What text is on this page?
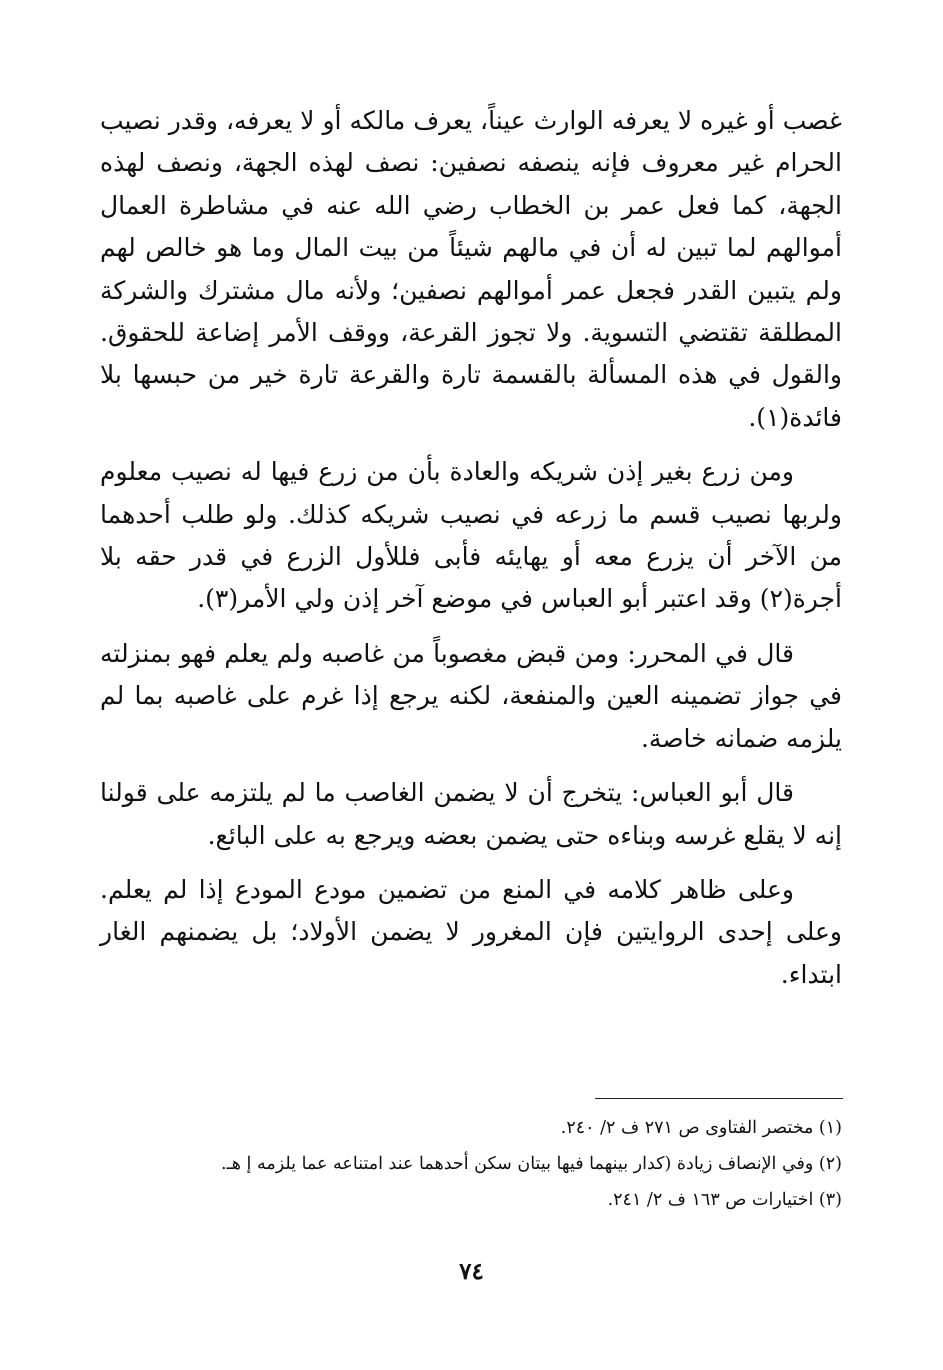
غصب أو غيره لا يعرفه الوارث عيناً، يعرف مالكه أو لا يعرفه، وقدر نصيب الحرام غير معروف فإنه ينصفه نصفين: نصف لهذه الجهة، ونصف لهذه الجهة، كما فعل عمر بن الخطاب رضي الله عنه في مشاطرة العمال أموالهم لما تبين له أن في مالهم شيئاً من بيت المال وما هو خالص لهم ولم يتبين القدر فجعل عمر أموالهم نصفين؛ ولأنه مال مشترك والشركة المطلقة تقتضي التسوية. ولا تجوز القرعة، ووقف الأمر إضاعة للحقوق. والقول في هذه المسألة بالقسمة تارة والقرعة تارة خير من حبسها بلا فائدة(١).

ومن زرع بغير إذن شريكه والعادة بأن من زرع فيها له نصيب معلوم ولربها نصيب قسم ما زرعه في نصيب شريكه كذلك. ولو طلب أحدهما من الآخر أن يزرع معه أو يهايئه فأبى فللأول الزرع في قدر حقه بلا أجرة(٢) وقد اعتبر أبو العباس في موضع آخر إذن ولي الأمر(٣).

قال في المحرر: ومن قبض مغصوباً من غاصبه ولم يعلم فهو بمنزلته في جواز تضمينه العين والمنفعة، لكنه يرجع إذا غرم على غاصبه بما لم يلزمه ضمانه خاصة.

قال أبو العباس: يتخرج أن لا يضمن الغاصب ما لم يلتزمه على قولنا إنه لا يقلع غرسه وبناءه حتى يضمن بعضه ويرجع به على البائع.

وعلى ظاهر كلامه في المنع من تضمين مودع المودع إذا لم يعلم. وعلى إحدى الروايتين فإن المغرور لا يضمن الأولاد؛ بل يضمنهم الغار ابتداء.

(١) مختصر الفتاوى ص ٢٧١ ف ٢/ ٢٤٠.

(٢) وفي الإنصاف زيادة (كدار بينهما فيها بيتان سكن أحدهما عند امتناعه عما يلزمه إ هـ.

(٣) اختيارات ص ١٦٣ ف ٢/ ٢٤١.

٧٤
